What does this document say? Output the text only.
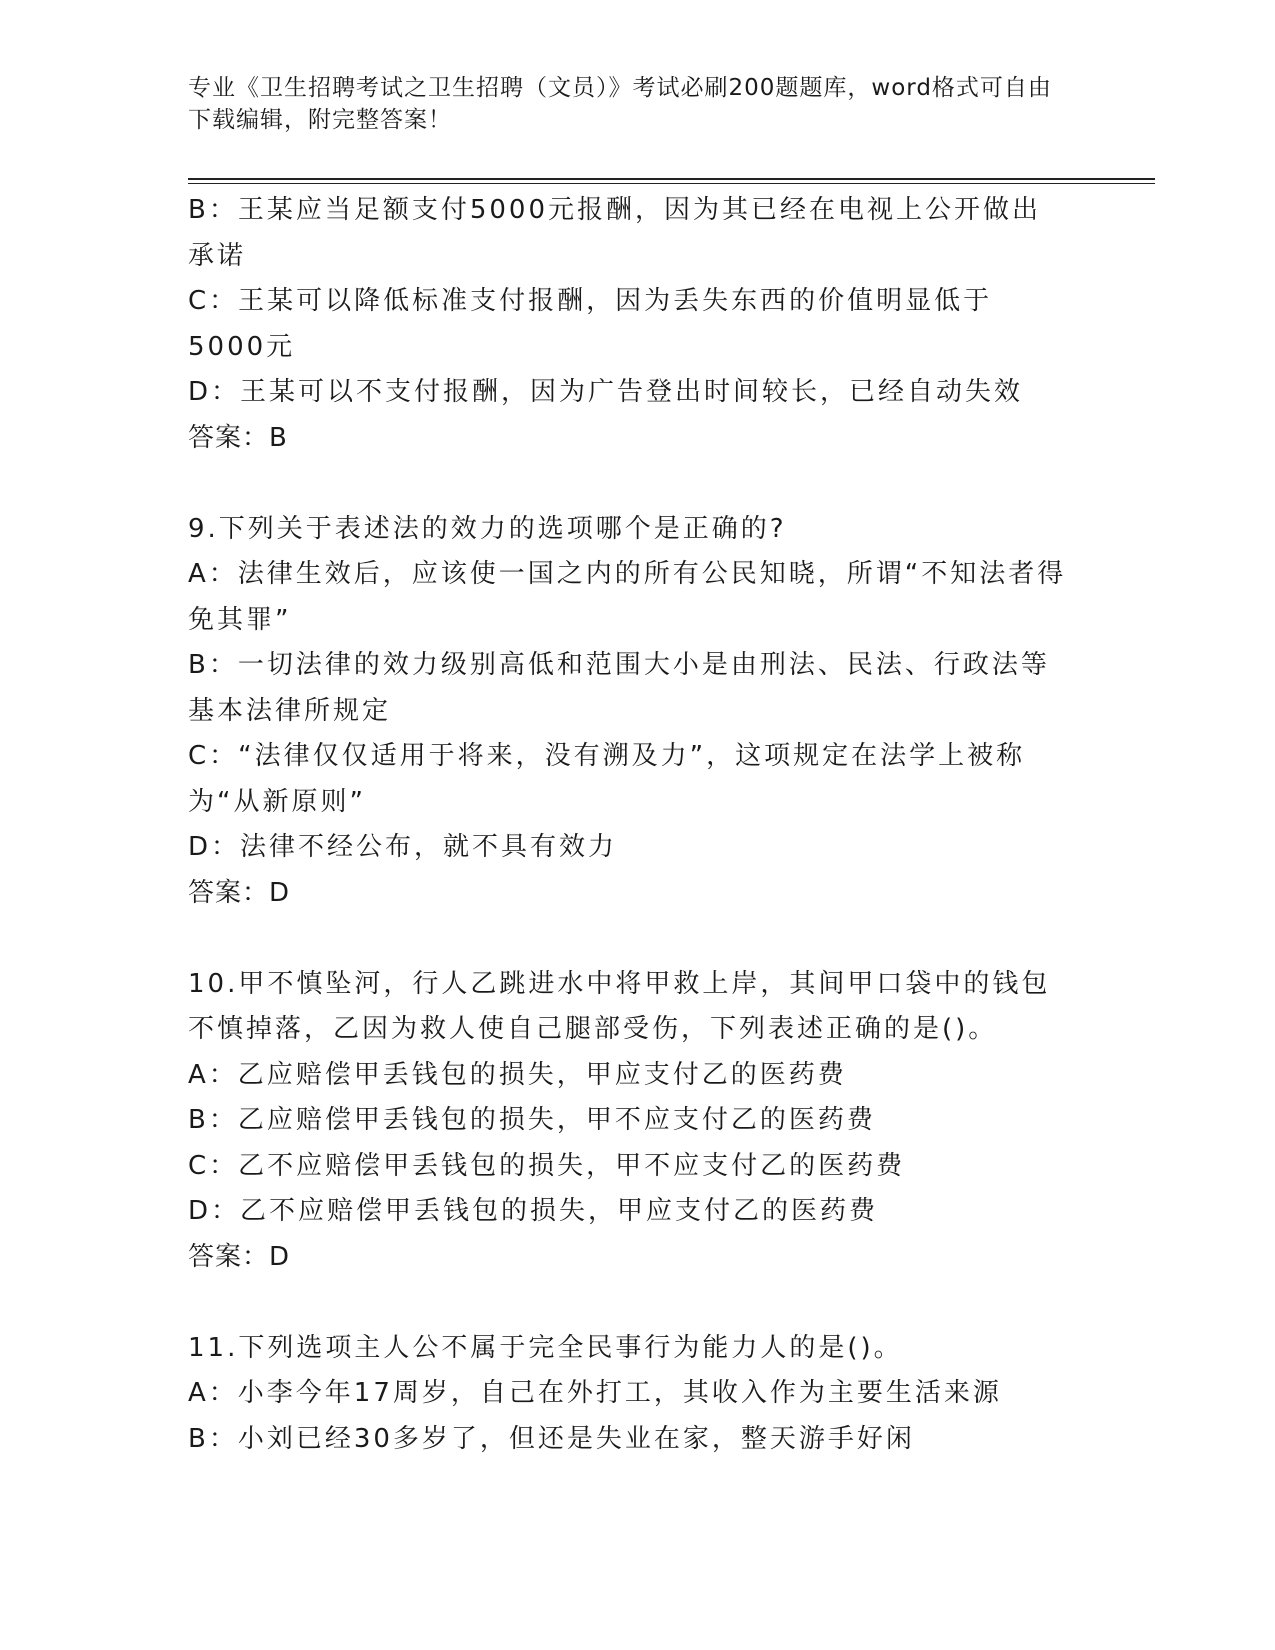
专业《卫生招聘考试之卫生招聘（文员）》考试必刷200题题库，word格式可自由下载编辑，附完整答案！
B：王某应当足额支付5000元报酬，因为其已经在电视上公开做出承诺
C：王某可以降低标准支付报酬，因为丢失东西的价值明显低于5000元
D：王某可以不支付报酬，因为广告登出时间较长，已经自动失效
答案：B
9.下列关于表述法的效力的选项哪个是正确的?
A：法律生效后，应该使一国之内的所有公民知晓，所谓“不知法者得免其罪”
B：一切法律的效力级别高低和范围大小是由刑法、民法、行政法等基本法律所规定
C：“法律仅仅适用于将来，没有溯及力”，这项规定在法学上被称为“从新原则”
D：法律不经公布，就不具有效力
答案：D
10.甲不慎坠河，行人乙跳进水中将甲救上岸，其间甲口袋中的钱包不慎掉落，乙因为救人使自己腿部受伤，下列表述正确的是()。
A：乙应赔偿甲丢钱包的损失，甲应支付乙的医药费
B：乙应赔偿甲丢钱包的损失，甲不应支付乙的医药费
C：乙不应赔偿甲丢钱包的损失，甲不应支付乙的医药费
D：乙不应赔偿甲丢钱包的损失，甲应支付乙的医药费
答案：D
11.下列选项主人公不属于完全民事行为能力人的是()。
A：小李今年17周岁，自己在外打工，其收入作为主要生活来源
B：小刘已经30多岁了，但还是失业在家，整天游手好闲
